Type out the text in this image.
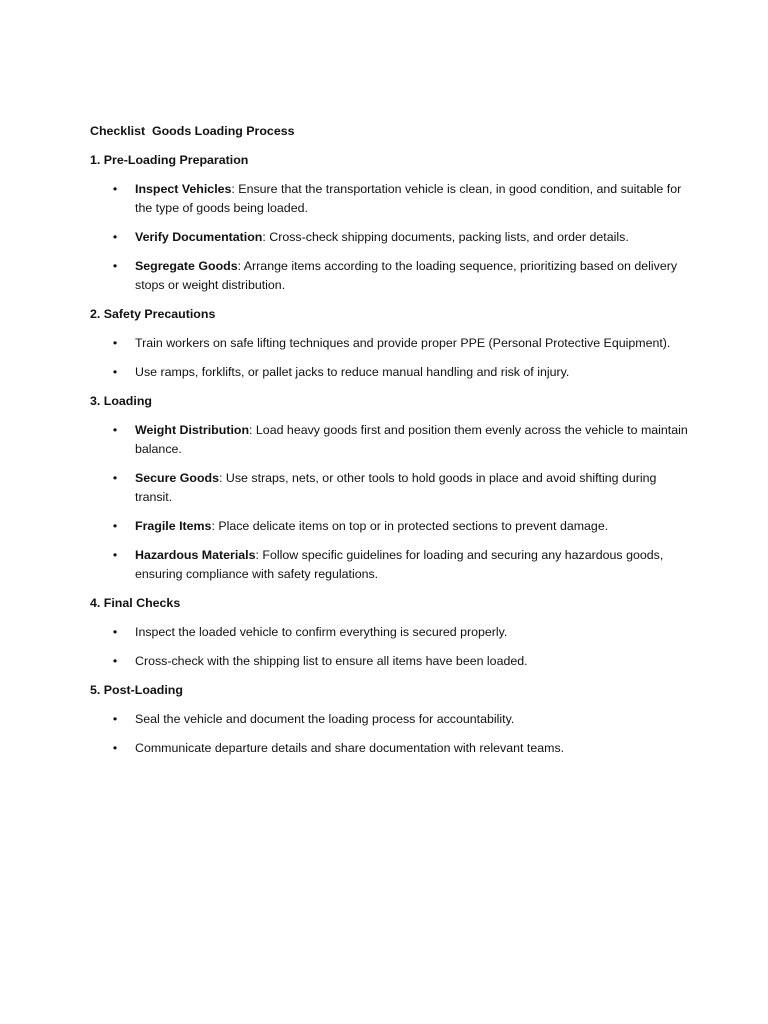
Checklist  Goods Loading Process
1. Pre-Loading Preparation
• Inspect Vehicles: Ensure that the transportation vehicle is clean, in good condition, and suitable for the type of goods being loaded.
• Verify Documentation: Cross-check shipping documents, packing lists, and order details.
• Segregate Goods: Arrange items according to the loading sequence, prioritizing based on delivery stops or weight distribution.
2. Safety Precautions
• Train workers on safe lifting techniques and provide proper PPE (Personal Protective Equipment).
• Use ramps, forklifts, or pallet jacks to reduce manual handling and risk of injury.
3. Loading
• Weight Distribution: Load heavy goods first and position them evenly across the vehicle to maintain balance.
• Secure Goods: Use straps, nets, or other tools to hold goods in place and avoid shifting during transit.
• Fragile Items: Place delicate items on top or in protected sections to prevent damage.
• Hazardous Materials: Follow specific guidelines for loading and securing any hazardous goods, ensuring compliance with safety regulations.
4. Final Checks
• Inspect the loaded vehicle to confirm everything is secured properly.
• Cross-check with the shipping list to ensure all items have been loaded.
5. Post-Loading
• Seal the vehicle and document the loading process for accountability.
• Communicate departure details and share documentation with relevant teams.
